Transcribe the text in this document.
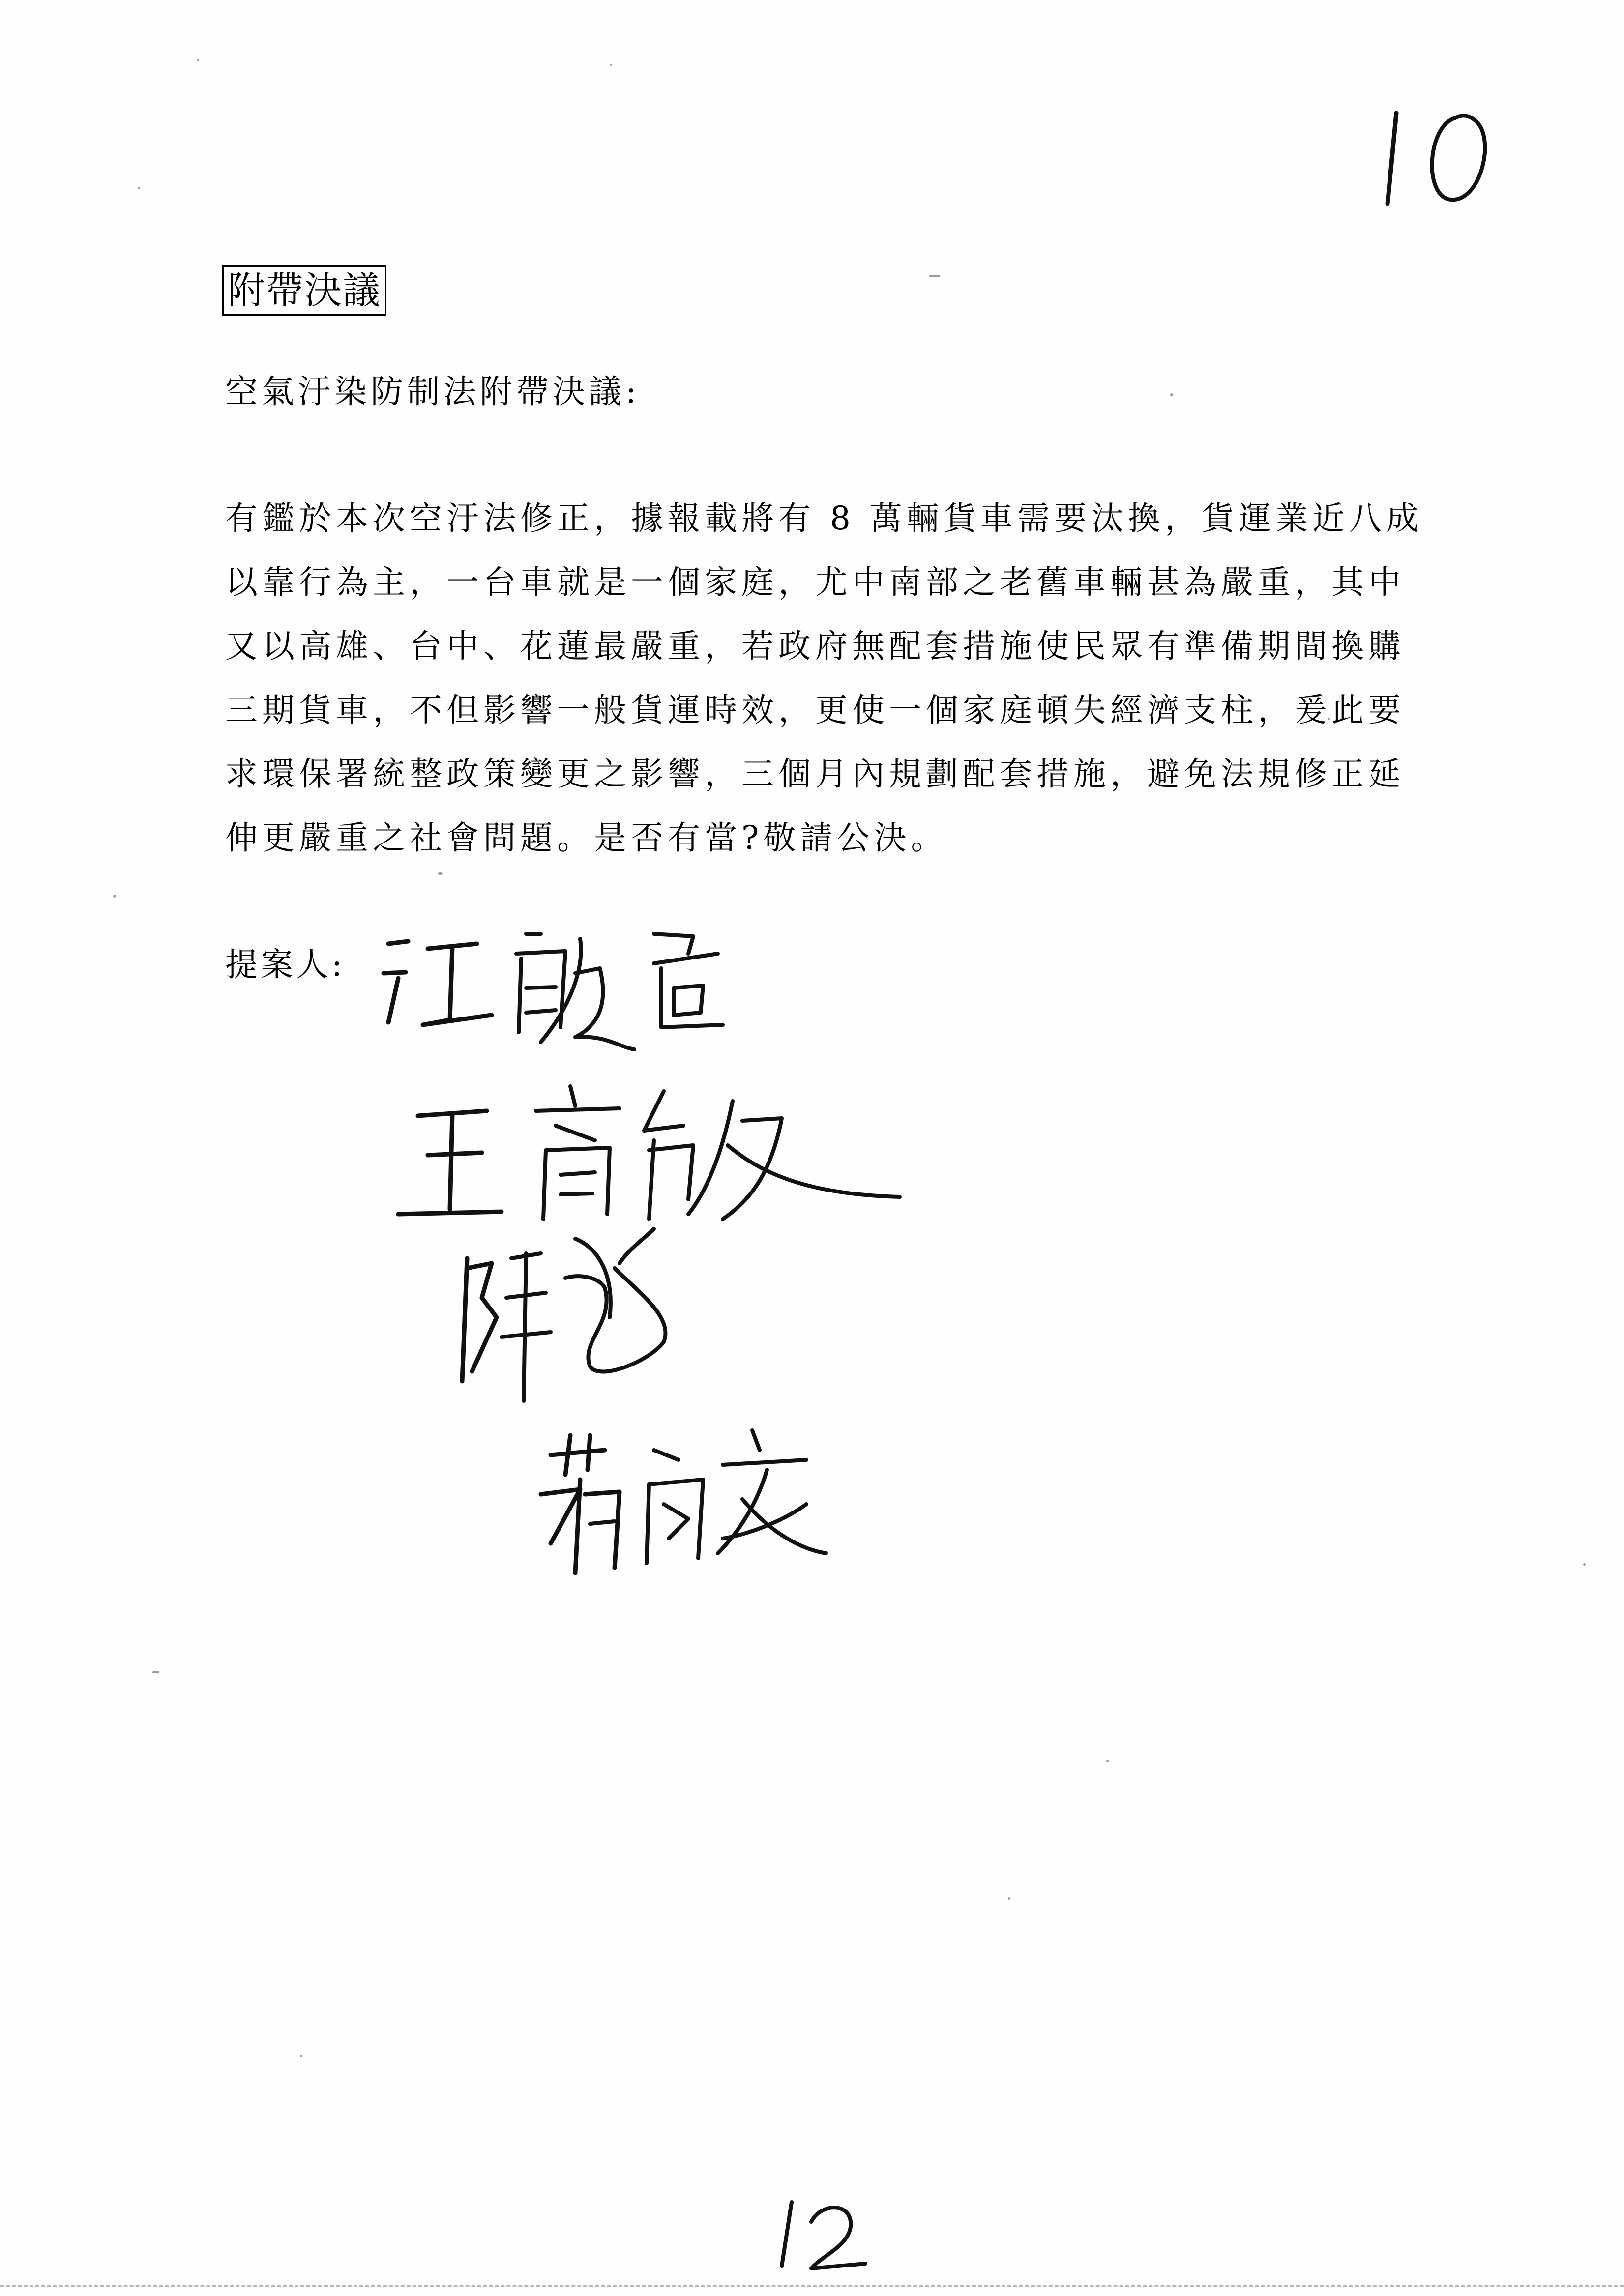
附帶決議
空氣汙染防制法附帶決議:
有鑑於本次空汙法修正，據報載將有 8 萬輛貨車需要汰換，貨運業近八成
以靠行為主，一台車就是一個家庭，尤中南部之老舊車輛甚為嚴重，其中
又以高雄、台中、花蓮最嚴重，若政府無配套措施使民眾有準備期間換購
三期貨車，不但影響一般貨運時效，更使一個家庭頓失經濟支柱，爰此要
求環保署統整政策變更之影響，三個月內規劃配套措施，避免法規修正延
伸更嚴重之社會問題。是否有當?敬請公決。
提案人:
